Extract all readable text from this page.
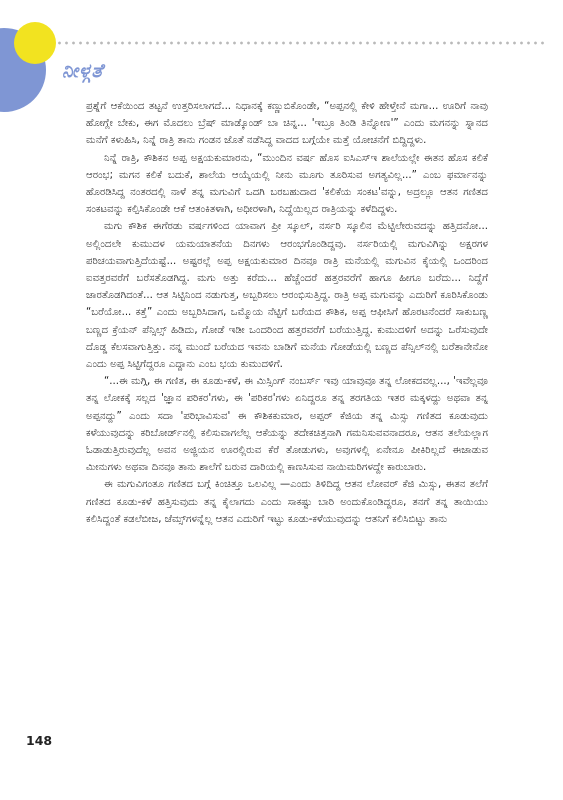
ನೀಳ್ಗತೆ

ಪ್ರಶ್ನೆಗೆ ಆಕೆಯಿಂದ ತಟ್ಟನೆ ಉತ್ತರಿಸಲಾಗದೆ... ನಿಧಾನಕ್ಕೆ ಕಣ್ಣುಬಿಕೊಂಡೇ, “ಅಪ್ಪನಲ್ಲಿ ಕೇಳಿ ಹೇಳ್ತೇನೆ ಮಗಾ... ಊರಿಗೆ ನಾವು ಹೋಗ್ಲೇ ಬೇಕು, ಈಗ ಮೊದಲು ಬ್ರೆಷ್ ಮಾಡ್ಕೊಂಡ್ ಬಾ ಚಿನ್ನ... 'ಇಬ್ರೂ ತಿಂಡಿ ತಿನ್ನೋಣ'” ಎಂದು ಮಗನನ್ನು ಸ್ನಾನದ ಮನೆಗೆ ಕಳುಹಿಸಿ, ನಿನ್ನೆ ರಾತ್ರಿ ತಾನು ಗಂಡನ ಜೊತೆ ನಡೆಸಿದ್ದ ವಾದದ ಬಗ್ಗೆಯೇ ಮತ್ತೆ ಯೋಚನೆಗೆ ಬಿದ್ದಿದ್ದಳು.

ನಿನ್ನೆ ರಾತ್ರಿ, ಕೌಶಿಕನ ಅಪ್ಪ ಅಕ್ಷಯಕುಮಾರನು, “ಮುಂದಿನ ವರ್ಷ ಹೊಸ ಐಸಿಎಸ್ಇ ಶಾಲೆಯಲ್ಲೇ ಈತನ ಹೊಸ ಕಲಿಕೆ ಆರಂಭ; ಮಗನ ಕಲಿಕೆ ಬದುಕೆ, ಶಾಲೆಯ ಆಯ್ಕೆಯಲ್ಲಿ ನೀನು ಮೂಗು ತೂರಿಸುವ ಅಗತ್ಯವಿಲ್ಲ...” ಎಂಬ ಫರ್ಮಾನನ್ನು ಹೊರಡಿಸಿದ್ದ ನಂತರದಲ್ಲಿ ನಾಳೆ ತನ್ನ ಮಗುವಿಗೆ ಒದಗಿ ಬರಬಹುದಾದ 'ಕಲಿಕೆಯ ಸಂಕಟ'ವನ್ನು, ಅದ್ರಲ್ಲೂ ಆತನ ಗಣಿತದ ಸಂಕಟವನ್ನು ಕಲ್ಪಿಸಿಕೊಂಡೇ ಆಕೆ ಆತಂಕಿತಳಾಗಿ, ಅಧೀರಳಾಗಿ, ನಿದ್ದೆಯಿಲ್ಲದ ರಾತ್ರಿಯನ್ನು ಕಳೆದಿದ್ದಳು.

ಮಗು ಕೌಶಿಕ ಈಗೆರಡು ವರ್ಷಗಳಿಂದ ಯಾವಾಗ ಪ್ರೀ ಸ್ಕೂಲ್, ನರ್ಸರಿ ಸ್ಕೂಲಿನ ಮೆಟ್ಟಿಲೇರುವದನ್ನು ಹತ್ತಿದನೋ... ಅಲ್ಲಿಂದಲೇ ಕುಮುದಳ ಯಮಯಾತನೆಯ ದಿನಗಳು ಆರಂಭಗೊಂಡಿದ್ದವು. ನರ್ಸರಿಯಲ್ಲಿ ಮಗುವಿಗಿನ್ನು ಅಕ್ಷರಗಳ ಪರಿಚಯವಾಗುತ್ತಿದೆಯಷ್ಟೆ... ಅಷ್ಟರಲ್ಲೆ ಅಪ್ಪ ಅಕ್ಷಯಕುಮಾರ ದಿನವೂ ರಾತ್ರಿ ಮನೆಯಲ್ಲಿ ಮಗುವಿನ ಕೈಯಲ್ಲಿ ಒಂದರಿಂದ ಐವತ್ತರವರೆಗೆ ಬರೆಸತೊಡಗಿದ್ದ. ಮಗು ಅತ್ತು ಕರೆದು... ಹೆಚ್ಚೆಂದರೆ ಹತ್ತರವರೆಗೆ ಹಾಗೂ ಹೀಗೂ ಬರೆದು... ನಿದ್ದೆಗೆ ಜಾರತೊಡಗಿದಂತೆ... ಆತ ಸಿಟ್ಟಿನಿಂದ ನಡುಗುತ್ತ, ಅಬ್ಬರಿಸಲು ಆರಂಭಿಸುತ್ತಿದ್ದ. ರಾತ್ರಿ ಅಪ್ಪ ಮಗುವನ್ನು ಎದುರಿಗೆ ಕೂರಿಸಿಕೊಂಡು “ಬರೆಯೋ... ಕತ್ತೆ” ಎಂದು ಅಬ್ಬರಿಸಿದಾಗ, ಒಮ್ಮೊಯ ನೆಟ್ಟಿಗೆ ಬರೆಯದ ಕೌಶಿಕ, ಅಪ್ಪ ಆಫೀಸಿಗೆ ಹೊರಟನೆಂದರೆ ಸಾಕುಬಣ್ಣ ಬಣ್ಣದ ಕ್ರೆಯನ್ ಪೆನ್ಸಿಲ್ಸ್ ಹಿಡಿದು, ಗೋಡೆ ಇಡೀ ಒಂದರಿಂದ ಹತ್ತರವರೆಗೆ ಬರೆಯುತ್ತಿದ್ದ. ಕುಮುದಳಿಗೆ ಅದನ್ನು ಒರೆಸುವುದೇ ದೊಡ್ಡ ಕೆಲಸವಾಗುತ್ತಿತ್ತು. ನನ್ನ ಮುಂದೆ ಬರೆಯದ ಇವನು ಬಾಡಿಗೆ ಮನೆಯ ಗೋಡೆಯಲ್ಲಿ ಬಣ್ಣದ ಪೆನ್ಸಿಲ್‌ನಲ್ಲಿ ಬರೆತಾನೇನೋ ಎಂದು ಅಪ್ಪ ಸಿಟ್ಟಿಗೆದ್ದರೂ ಎದ್ದಾನು ಎಂಬ ಭಯ ಕುಮುದಳಿಗೆ.

“...ಈ ಮಗ್ಗಿ, ಈ ಗಣಿತ, ಈ ಕೂಡು-ಕಳೆ, ಈ ಮಿಸ್ಸಿಂಗ್ ನಂಬರ್ಸ್ ಇವು ಯಾವುವೂ ತನ್ನ ಲೋಕದವಲ್ಲ..., 'ಇವೆಲ್ಲವೂ ತನ್ನ ಲೋಕಕ್ಕೆ ಸಲ್ಲದ 'ಜ್ಞಾನ ಪರಿಕರ'ಗಳು, ಈ 'ಪರಿಕರ'ಗಳು ಏನಿದ್ದರೂ ತನ್ನ ತರಗತಿಯ ಇತರ ಮಕ್ಕಳದ್ದು ಅಥವಾ ತನ್ನ ಅಪ್ಪನದ್ದು” ಎಂದು ಸದಾ 'ಪರಿಭಾವಿಸುವ' ಈ ಕೌಶಿಕಕುಮಾರ, ಅಪ್ಪರ್ ಕೆಜಿಯ ತನ್ನ ಮಿಸ್ಸು ಗಣಿತದ ಕೂಡುವುದು ಕಳೆಯುವುದನ್ನು ಕರಿಬೋರ್ಡ್‌ನಲ್ಲಿ ಕಲಿಸುವಾಗಲೆಲ್ಲ ಆಕೆಯನ್ನು ತದೇಕಚಿತ್ತನಾಗಿ ಗಮನಿಸುವವನಾದರೂ, ಆತನ ತಲೆಯಲ್ಲಾಗ ಓಡಾಡುತ್ತಿರುವುದೆಲ್ಲ ಅವನ ಅಜ್ಜಿಯನ ಊರಲ್ಲಿರುವ ಕೆರೆ ತೋಡುಗಳು, ಅವುಗಳಲ್ಲಿ ಏನೇನೂ ಪೀಕಿರಿಲ್ಲದೆ ಈಜಾಡುವ ಮೀನುಗಳು ಅಥವಾ ದಿನವೂ ತಾನು ಶಾಲೆಗೆ ಬರುವ ದಾರಿಯಲ್ಲಿ ಕಾಣಸಿಸುವ ನಾಯಿಮರಿಗಳದ್ದೇ ಕಾರುಬಾರು.

ಈ ಮಗುವಿಗಂತೂ ಗಣಿತದ ಬಗ್ಗೆ ಕಿಂಚಿತ್ತೂ ಒಲವಿಲ್ಲ —ಎಂದು ತಿಳಿದಿದ್ದ ಆತನ ಲೋವರ್ ಕೆಜಿ ಮಿಸ್ಸು, ಈತನ ತಲೆಗೆ ಗಣಿತದ ಕೂಡು-ಕಳೆ ಹತ್ತಿಸುವುದು ತನ್ನ ಕೈಲಾಗದು ಎಂದು ಸಾಕಷ್ಟು ಬಾರಿ ಅಂದುಕೊಂಡಿದ್ದರೂ, ತನಗೆ ತನ್ನ ತಾಯಿಯು ಕಲಿಸಿದ್ದಂತೆ ಕಡಲೆಬೀಜ, ಜೆಮ್ಸ್‌ಗಳನ್ನೆಲ್ಲ ಆತನ ಎದುರಿಗೆ ಇಟ್ಟು ಕೂಡು-ಕಳೆಯುವುದನ್ನು ಆತನಿಗೆ ಕಲಿಸಿಬಿಟ್ಟು ತಾನು

148
